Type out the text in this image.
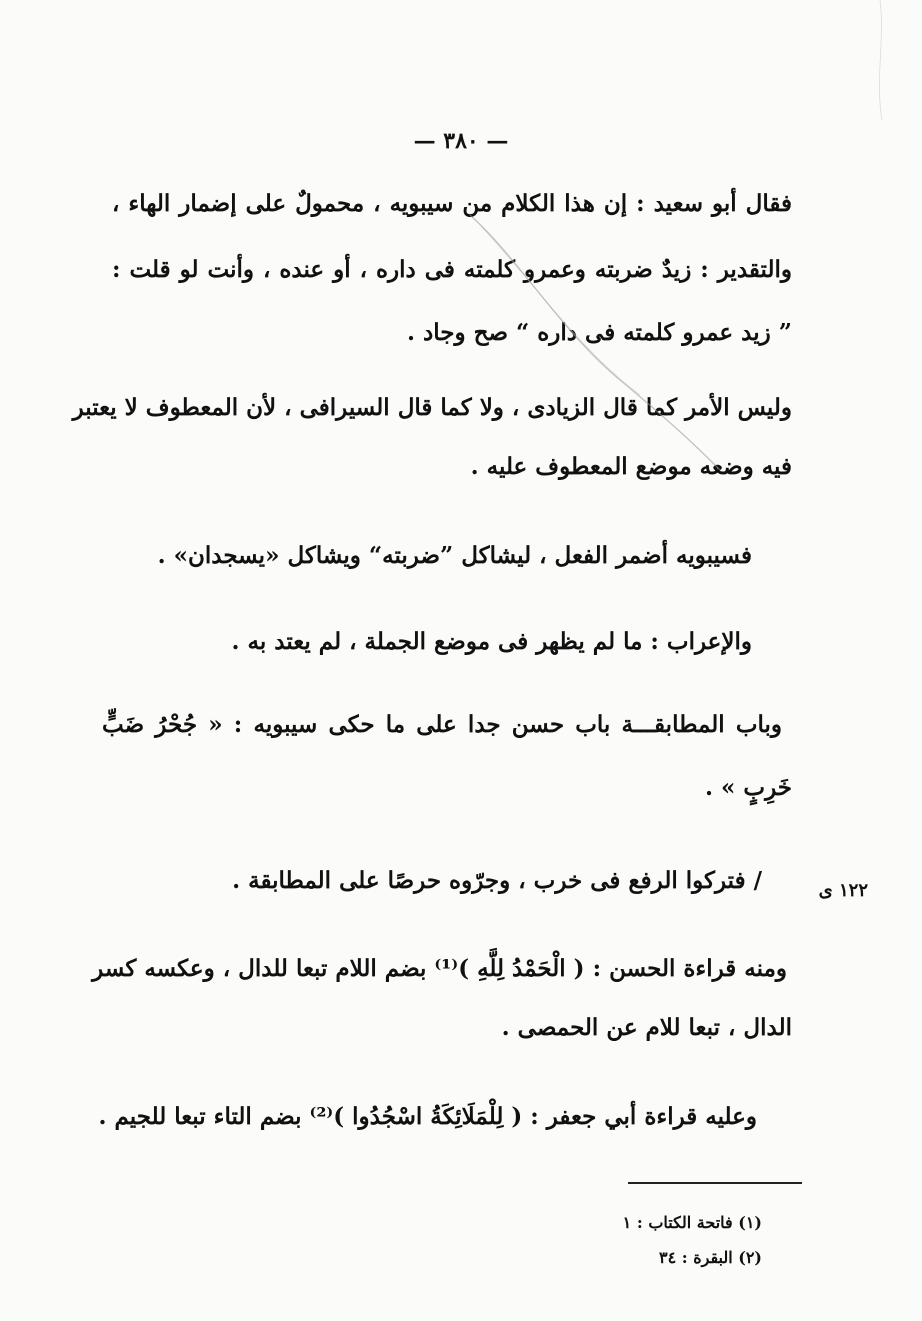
— ٣٨٠ —
فقال أبو سعيد : إن هذا الكلام من سيبويه ، محمولٌ على إضمار الهاء ،
والتقدير : زيدٌ ضربته وعمرو كلمته فى داره ، أو عنده ، وأنت لو قلت :
” زيد عمرو كلمته فى داره “ صح وجاد .
وليس الأمر كما قال الزيادى ، ولا كما قال السيرافى ، لأن المعطوف لا يعتبر
فيه وضعه موضع المعطوف عليه .
فسيبويه أضمر الفعل ، ليشاكل ”ضربته“ ويشاكل «يسجدان» .
والإعراب : ما لم يظهر فى موضع الجملة ، لم يعتد به .
وباب المطابقـــة باب حسن جدا على ما حكى سيبويه : « جُحْرُ ضَبٍّ
خَرِبٍ » .
/ فتركوا الرفع فى خرب ، وجرّوه حرصًا على المطابقة .	١٢٢ ى
ومنه قراءة الحسن : ( الْحَمْدُ لِلَّهِ )⁽¹⁾ بضم اللام تبعا للدال ، وعكسه كسر
الدال ، تبعا للام عن الحمصى .
وعليه قراءة أبي جعفر : ( لِلْمَلَائِكَةُ اسْجُدُوا )⁽²⁾ بضم التاء تبعا للجيم .
(١) فاتحة الكتاب : ١
(٢) البقرة : ٣٤
